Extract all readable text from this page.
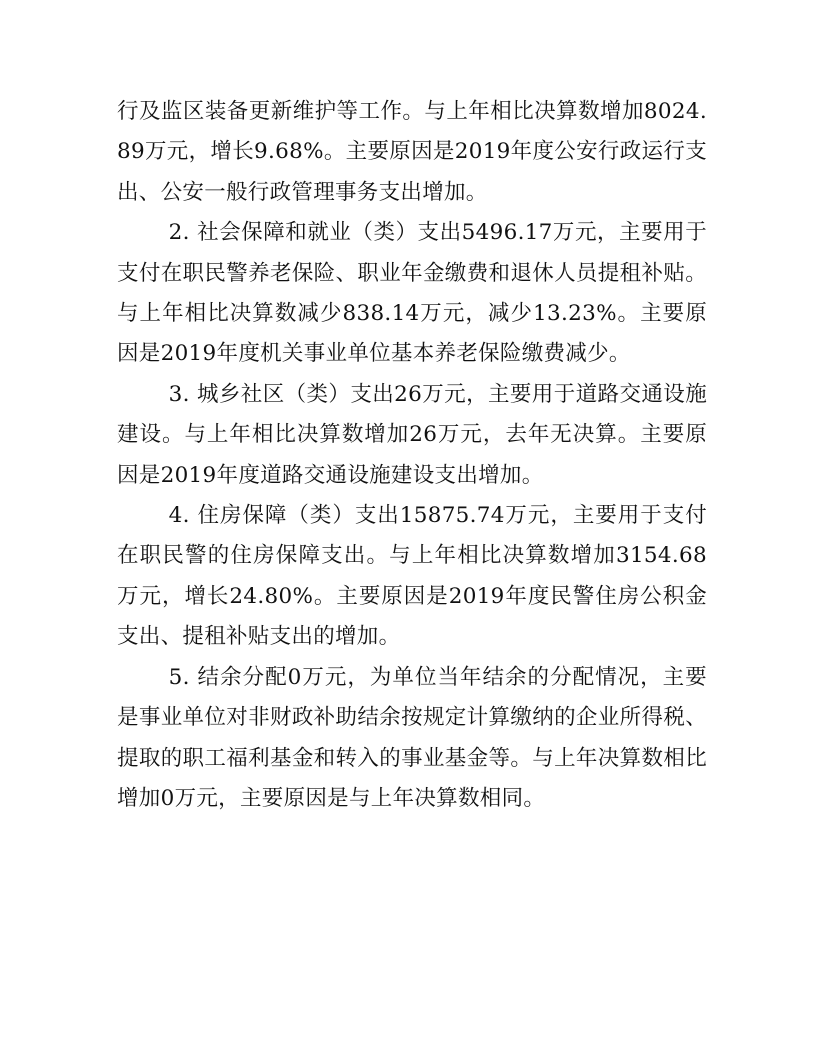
行及监区装备更新维护等工作。与上年相比决算数增加8024.89万元，增长9.68%。主要原因是2019年度公安行政运行支出、公安一般行政管理事务支出增加。

2. 社会保障和就业（类）支出5496.17万元，主要用于支付在职民警养老保险、职业年金缴费和退休人员提租补贴。与上年相比决算数减少838.14万元，减少13.23%。主要原因是2019年度机关事业单位基本养老保险缴费减少。

3. 城乡社区（类）支出26万元，主要用于道路交通设施建设。与上年相比决算数增加26万元，去年无决算。主要原因是2019年度道路交通设施建设支出增加。

4. 住房保障（类）支出15875.74万元，主要用于支付在职民警的住房保障支出。与上年相比决算数增加3154.68万元，增长24.80%。主要原因是2019年度民警住房公积金支出、提租补贴支出的增加。

5. 结余分配0万元，为单位当年结余的分配情况，主要是事业单位对非财政补助结余按规定计算缴纳的企业所得税、提取的职工福利基金和转入的事业基金等。与上年决算数相比增加0万元，主要原因是与上年决算数相同。
